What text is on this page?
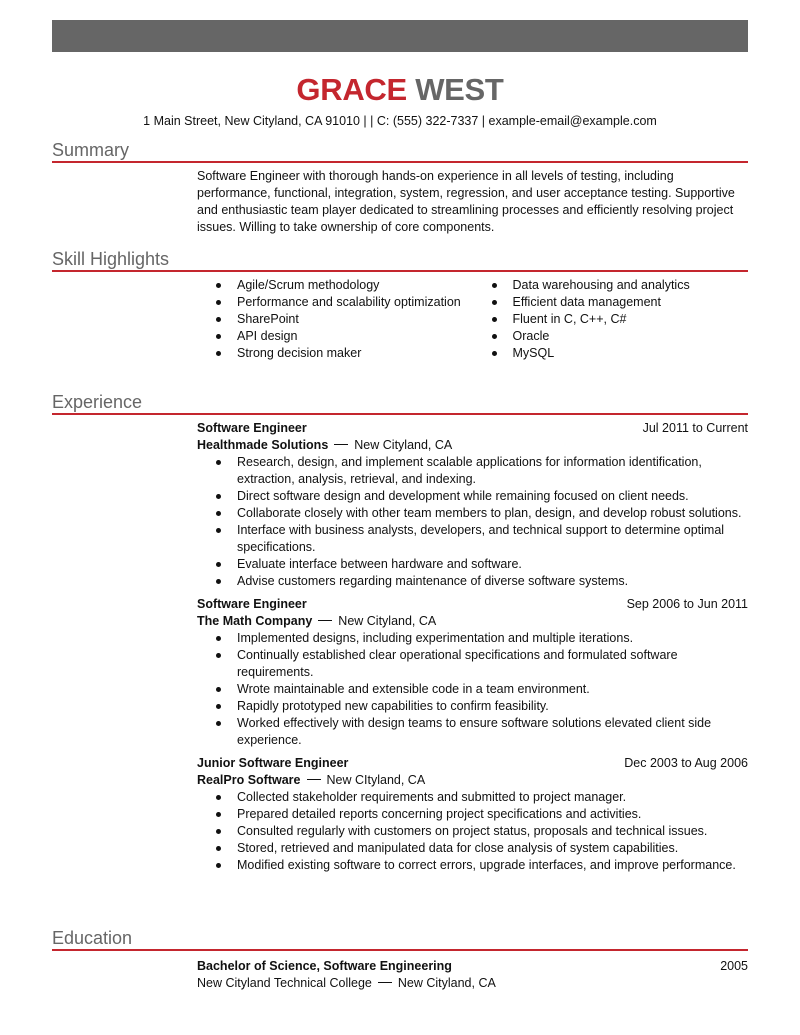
GRACE WEST
1 Main Street, New Cityland, CA 91010 | | C: (555) 322-7337 | example-email@example.com
Summary
Software Engineer with thorough hands-on experience in all levels of testing, including performance, functional, integration, system, regression, and user acceptance testing. Supportive and enthusiastic team player dedicated to streamlining processes and efficiently resolving project issues. Willing to take ownership of core components.
Skill Highlights
Agile/Scrum methodology
Performance and scalability optimization
SharePoint
API design
Strong decision maker
Data warehousing and analytics
Efficient data management
Fluent in C, C++, C#
Oracle
MySQL
Experience
Software Engineer	Jul 2011 to Current
Healthmade Solutions New Cityland, CA
Research, design, and implement scalable applications for information identification, extraction, analysis, retrieval, and indexing.
Direct software design and development while remaining focused on client needs.
Collaborate closely with other team members to plan, design, and develop robust solutions.
Interface with business analysts, developers, and technical support to determine optimal specifications.
Evaluate interface between hardware and software.
Advise customers regarding maintenance of diverse software systems.
Software Engineer	Sep 2006 to Jun 2011
The Math Company New Cityland, CA
Implemented designs, including experimentation and multiple iterations.
Continually established clear operational specifications and formulated software requirements.
Wrote maintainable and extensible code in a team environment.
Rapidly prototyped new capabilities to confirm feasibility.
Worked effectively with design teams to ensure software solutions elevated client side experience.
Junior Software Engineer	Dec 2003 to Aug 2006
RealPro Software New CItyland, CA
Collected stakeholder requirements and submitted to project manager.
Prepared detailed reports concerning project specifications and activities.
Consulted regularly with customers on project status, proposals and technical issues.
Stored, retrieved and manipulated data for close analysis of system capabilities.
Modified existing software to correct errors, upgrade interfaces, and improve performance.
Education
Bachelor of Science, Software Engineering	2005
New Cityland Technical College New Cityland, CA
